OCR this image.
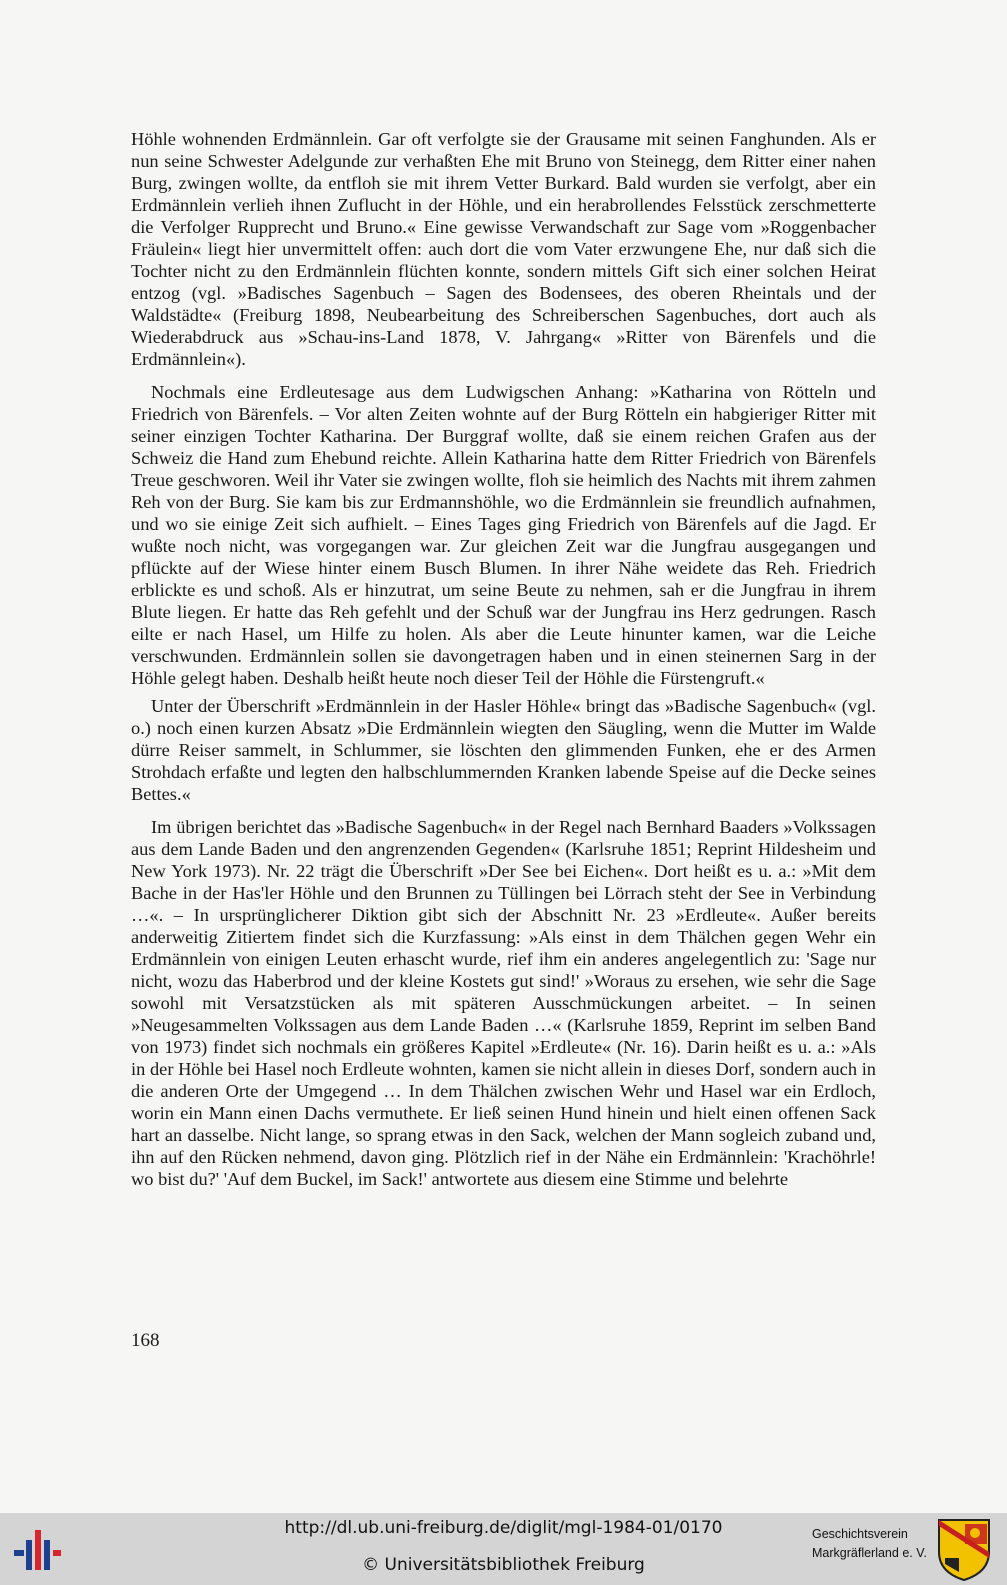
Höhle wohnenden Erdmännlein. Gar oft verfolgte sie der Grausame mit seinen Fanghunden. Als er nun seine Schwester Adelgunde zur verhaßten Ehe mit Bruno von Steinegg, dem Ritter einer nahen Burg, zwingen wollte, da entfloh sie mit ihrem Vetter Burkard. Bald wurden sie verfolgt, aber ein Erdmännlein verlieh ihnen Zuflucht in der Höhle, und ein herabrollendes Felsstück zerschmetterte die Verfolger Rupprecht und Bruno.« Eine gewisse Verwandschaft zur Sage vom »Roggenbacher Fräulein« liegt hier unvermittelt offen: auch dort die vom Vater erzwungene Ehe, nur daß sich die Tochter nicht zu den Erdmännlein flüchten konnte, sondern mittels Gift sich einer solchen Heirat entzog (vgl. »Badisches Sagenbuch – Sagen des Bodensees, des oberen Rheintals und der Waldstädte« (Freiburg 1898, Neubearbeitung des Schreiberschen Sagenbuches, dort auch als Wiederabdruck aus »Schau-ins-Land 1878, V. Jahrgang« »Ritter von Bärenfels und die Erdmännlein«).

Nochmals eine Erdleutesage aus dem Ludwigschen Anhang: »Katharina von Rötteln und Friedrich von Bärenfels. – Vor alten Zeiten wohnte auf der Burg Rötteln ein habgieriger Ritter mit seiner einzigen Tochter Katharina. Der Burggraf wollte, daß sie einem reichen Grafen aus der Schweiz die Hand zum Ehebund reichte. Allein Katharina hatte dem Ritter Friedrich von Bärenfels Treue geschworen. Weil ihr Vater sie zwingen wollte, floh sie heimlich des Nachts mit ihrem zahmen Reh von der Burg. Sie kam bis zur Erdmannshöhle, wo die Erdmännlein sie freundlich aufnahmen, und wo sie einige Zeit sich aufhielt. – Eines Tages ging Friedrich von Bärenfels auf die Jagd. Er wußte noch nicht, was vorgegangen war. Zur gleichen Zeit war die Jungfrau ausgegangen und pflückte auf der Wiese hinter einem Busch Blumen. In ihrer Nähe weidete das Reh. Friedrich erblickte es und schoß. Als er hinzutrat, um seine Beute zu nehmen, sah er die Jungfrau in ihrem Blute liegen. Er hatte das Reh gefehlt und der Schuß war der Jungfrau ins Herz gedrungen. Rasch eilte er nach Hasel, um Hilfe zu holen. Als aber die Leute hinunter kamen, war die Leiche verschwunden. Erdmännlein sollen sie davongetragen haben und in einen steinernen Sarg in der Höhle gelegt haben. Deshalb heißt heute noch dieser Teil der Höhle die Fürstengruft.«

Unter der Überschrift »Erdmännlein in der Hasler Höhle« bringt das »Badische Sagenbuch« (vgl. o.) noch einen kurzen Absatz »Die Erdmännlein wiegten den Säugling, wenn die Mutter im Walde dürre Reiser sammelt, in Schlummer, sie löschten den glimmenden Funken, ehe er des Armen Strohdach erfaßte und legten den halbschlummernden Kranken labende Speise auf die Decke seines Bettes.«

Im übrigen berichtet das »Badische Sagenbuch« in der Regel nach Bernhard Baaders »Volkssagen aus dem Lande Baden und den angrenzenden Gegenden« (Karlsruhe 1851; Reprint Hildesheim und New York 1973). Nr. 22 trägt die Überschrift »Der See bei Eichen«. Dort heißt es u. a.: »Mit dem Bache in der Has'ler Höhle und den Brunnen zu Tüllingen bei Lörrach steht der See in Verbindung …«. – In ursprünglicherer Diktion gibt sich der Abschnitt Nr. 23 »Erdleute«. Außer bereits anderweitig Zitiertem findet sich die Kurzfassung: »Als einst in dem Thälchen gegen Wehr ein Erdmännlein von einigen Leuten erhascht wurde, rief ihm ein anderes angelegentlich zu: 'Sage nur nicht, wozu das Haberbrod und der kleine Kostets gut sind!' »Woraus zu ersehen, wie sehr die Sage sowohl mit Versatzstücken als mit späteren Ausschmückungen arbeitet. – In seinen »Neugesammelten Volkssagen aus dem Lande Baden …« (Karlsruhe 1859, Reprint im selben Band von 1973) findet sich nochmals ein größeres Kapitel »Erdleute« (Nr. 16). Darin heißt es u. a.: »Als in der Höhle bei Hasel noch Erdleute wohnten, kamen sie nicht allein in dieses Dorf, sondern auch in die anderen Orte der Umgegend … In dem Thälchen zwischen Wehr und Hasel war ein Erdloch, worin ein Mann einen Dachs vermuthete. Er ließ seinen Hund hinein und hielt einen offenen Sack hart an dasselbe. Nicht lange, so sprang etwas in den Sack, welchen der Mann sogleich zuband und, ihn auf den Rücken nehmend, davon ging. Plötzlich rief in der Nähe ein Erdmännlein: 'Krachöhrle! wo bist du?' 'Auf dem Buckel, im Sack!' antwortete aus diesem eine Stimme und belehrte

168
http://dl.ub.uni-freiburg.de/diglit/mgl-1984-01/0170
© Universitätsbibliothek Freiburg
Geschichtsverein
Markgräflerland e. V.
